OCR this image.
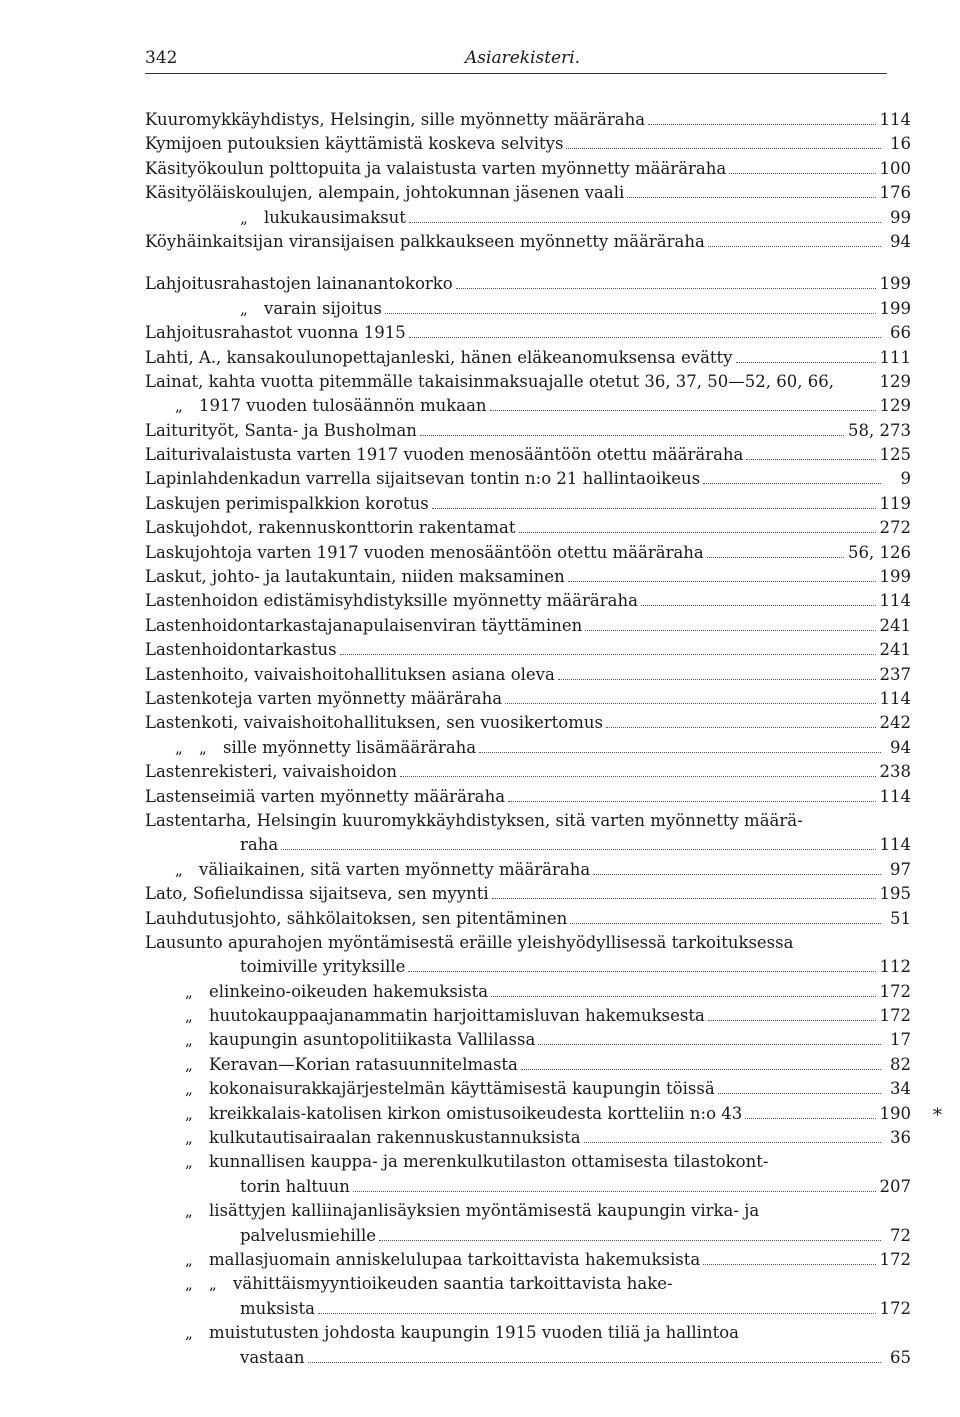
342	Asiarekisteri.
Kuuromykkäyhdistys, Helsingin, sille myönnetty määräraha	114
Kymijoen putouksien käyttämistä koskeva selvitys	16
Käsityökoulun polttopuita ja valaistusta varten myönnetty määräraha	100
Käsityöläiskoulujen, alempain, johtokunnan jäsenen vaali	176
„ lukukausimaksut	99
Köyhäinkaitsijan viransijaisen palkkaukseen myönnetty määräraha	94
Lahjoitusrahastojen lainanantokorko	199
„ varain sijoitus	199
Lahjoitusrahastot vuonna 1915	66
Lahti, A., kansakoulunopettajanleski, hänen eläkeanomuksensa evätty	111
Lainat, kahta vuotta pitemmälle takaisinmaksuajalle otetut 36, 37, 50—52, 60, 66,	129
„ 1917 vuoden tulosäännön mukaan	129
Laiturityöt, Santa- ja Busholman	58, 273
Laiturivalaistusta varten 1917 vuoden menosääntöön otettu määräraha	125
Lapinlahdenkadun varrella sijaitsevan tontin n:o 21 hallintaoikeus	9
Laskujen perimispalkkion korotus	119
Laskujohdot, rakennuskonttorin rakentamat	272
Laskujohtoja varten 1917 vuoden menosääntöön otettu määräraha	56, 126
Laskut, johto- ja lautakuntain, niiden maksaminen	199
Lastenhoidon edistämisyhdistyksille myönnetty määräraha	114
Lastenhoidontarkastajanapulaisenviran täyttäminen	241
Lastenhoidontarkastus	241
Lastenhoito, vaivaishoitohallituksen asiana oleva	237
Lastenkoteja varten myönnetty määräraha	114
Lastenkoti, vaivaishoitohallituksen, sen vuosikertomus	242
„ „ sille myönnetty lisämääräraha	94
Lastenrekisteri, vaivaishoidon	238
Lastenseimiä varten myönnetty määräraha	114
Lastentarha, Helsingin kuuromykkäyhdistyksen, sitä varten myönnetty määrä-
raha	114
„ väliaikainen, sitä varten myönnetty määräraha	97
Lato, Sofielundissa sijaitseva, sen myynti	195
Lauhdutusjohto, sähkölaitoksen, sen pitentäminen	51
Lausunto apurahojen myöntämisestä eräille yleishyödyllisessä tarkoituksessa
toimiville yrityksille	112
„ elinkeino-oikeuden hakemuksista	172
„ huutokauppaajanammatin harjoittamisluvan hakemuksesta	172
„ kaupungin asuntopolitiikasta Vallilassa	17
„ Keravan—Korian ratasuunnitelmasta	82
„ kokonaisurakkajärjestelmän käyttämisestä kaupungin töissä	34
„ kreikkalais-katolisen kirkon omistusoikeudesta kortteliin n:o 43	190
„ kulkutautisairaalan rakennuskustannuksista	36
„ kunnallisen kauppa- ja merenkulkutilaston ottamisesta tilastokont-
torin haltuun	207
„ lisättyjen kalliinajanlisäyksien myöntämisestä kaupungin virka- ja
palvelusmiehille	72
„ mallasjuomain anniskelulupaa tarkoittavista hakemuksista	172
„ „ vähittäismyyntioikeuden saantia tarkoittavista hake-
muksista	172
„ muistutusten johdosta kaupungin 1915 vuoden tiliä ja hallintoa
vastaan	65
*
